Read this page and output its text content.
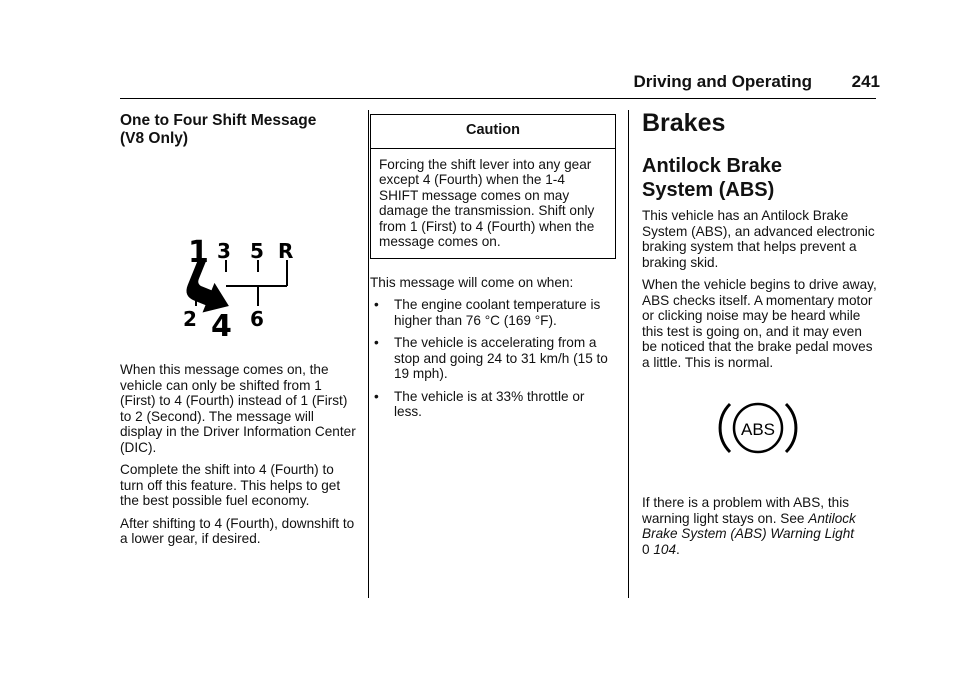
Driving and Operating 241
One to Four Shift Message
(V8 Only)
1 3 5 R
2 4 6

When this message comes on, the vehicle can only be shifted from 1 (First) to 4 (Fourth) instead of 1 (First) to 2 (Second). The message will display in the Driver Information Center (DIC).

Complete the shift into 4 (Fourth) to turn off this feature. This helps to get the best possible fuel economy.

After shifting to 4 (Fourth), downshift to a lower gear, if desired.

Caution
Forcing the shift lever into any gear except 4 (Fourth) when the 1-4 SHIFT message comes on may damage the transmission. Shift only from 1 (First) to 4 (Fourth) when the message comes on.

This message will come on when:

•	The engine coolant temperature is higher than 76 °C (169 °F).
•	The vehicle is accelerating from a stop and going 24 to 31 km/h (15 to 19 mph).
•	The vehicle is at 33% throttle or less.
Brakes
Antilock Brake
System (ABS)

This vehicle has an Antilock Brake System (ABS), an advanced electronic braking system that helps prevent a braking skid.

When the vehicle begins to drive away, ABS checks itself. A momentary motor or clicking noise may be heard while this test is going on, and it may even be noticed that the brake pedal moves a little. This is normal.

ABS

If there is a problem with ABS, this warning light stays on. See Antilock Brake System (ABS) Warning Light
0 104.
